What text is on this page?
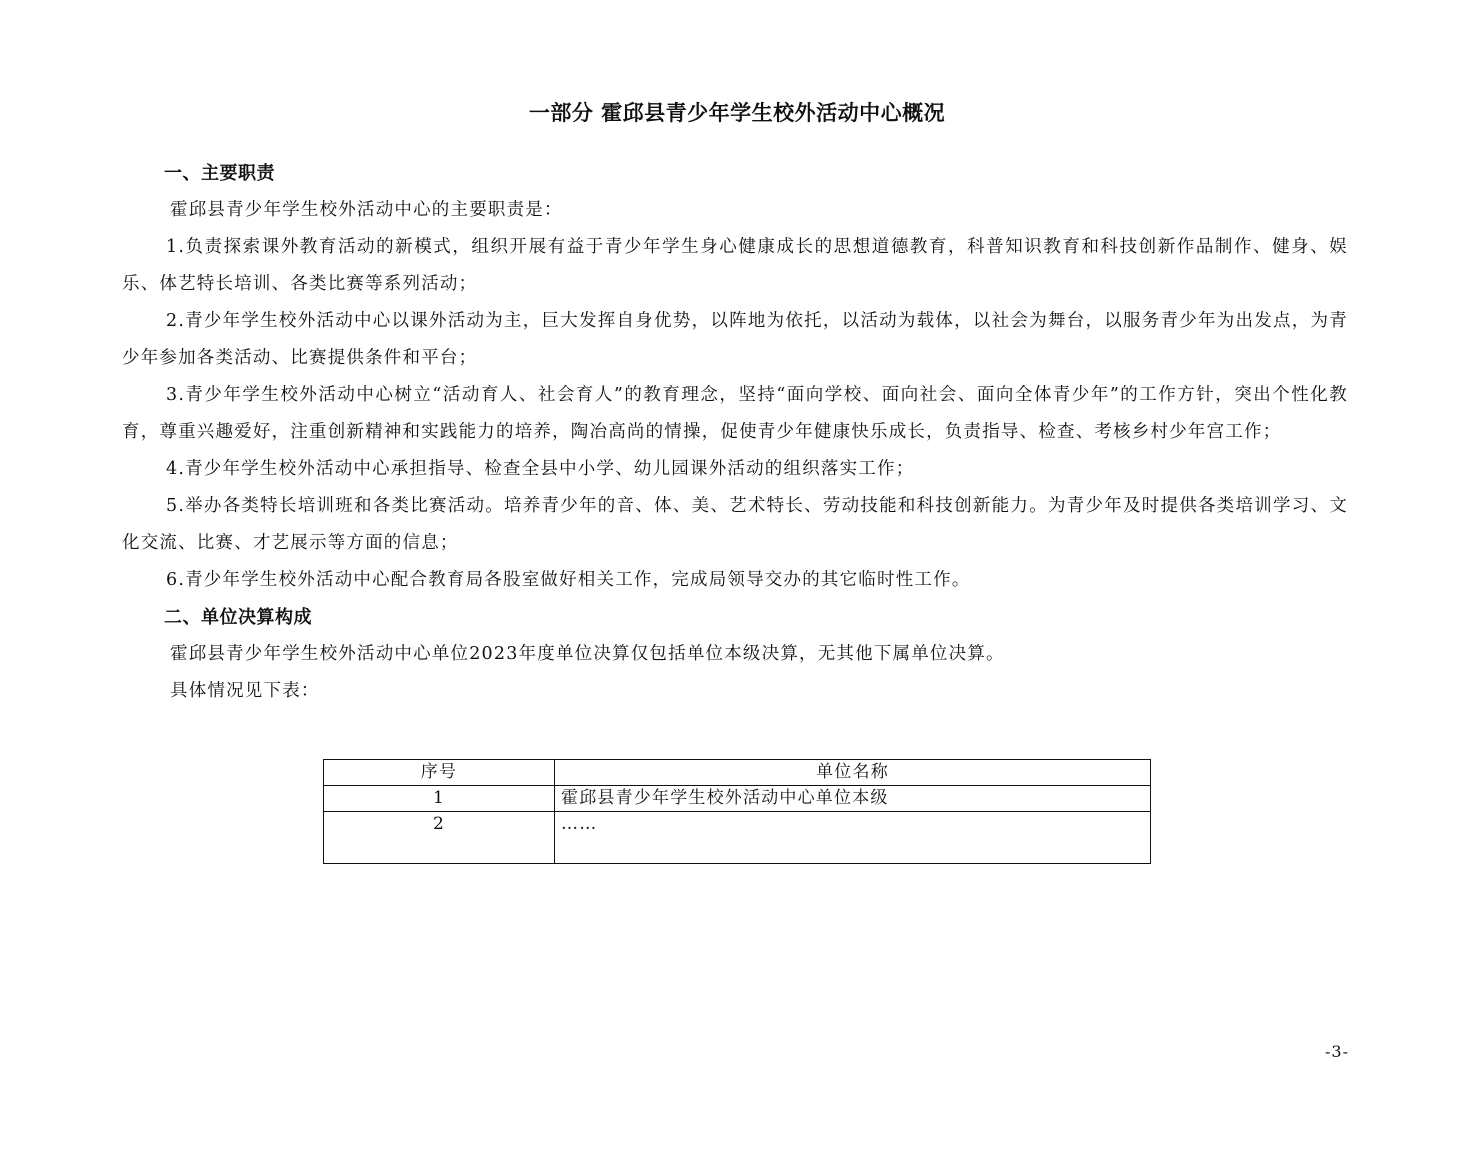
一部分 霍邱县青少年学生校外活动中心概况

一、主要职责

霍邱县青少年学生校外活动中心的主要职责是：

1.负责探索课外教育活动的新模式，组织开展有益于青少年学生身心健康成长的思想道德教育，科普知识教育和科技创新作品制作、健身、娱乐、体艺特长培训、各类比赛等系列活动；

2.青少年学生校外活动中心以课外活动为主，巨大发挥自身优势，以阵地为依托，以活动为载体，以社会为舞台，以服务青少年为出发点，为青少年参加各类活动、比赛提供条件和平台；

3.青少年学生校外活动中心树立“活动育人、社会育人”的教育理念，坚持“面向学校、面向社会、面向全体青少年”的工作方针，突出个性化教育，尊重兴趣爱好，注重创新精神和实践能力的培养，陶冶高尚的情操，促使青少年健康快乐成长，负责指导、检查、考核乡村少年宫工作；

4.青少年学生校外活动中心承担指导、检查全县中小学、幼儿园课外活动的组织落实工作；

5.举办各类特长培训班和各类比赛活动。培养青少年的音、体、美、艺术特长、劳动技能和科技创新能力。为青少年及时提供各类培训学习、文化交流、比赛、才艺展示等方面的信息；

6.青少年学生校外活动中心配合教育局各股室做好相关工作，完成局领导交办的其它临时性工作。

二、单位决算构成

霍邱县青少年学生校外活动中心单位2023年度单位决算仅包括单位本级决算，无其他下属单位决算。

具体情况见下表：

序号	单位名称
1	霍邱县青少年学生校外活动中心单位本级
2	……
-3-
